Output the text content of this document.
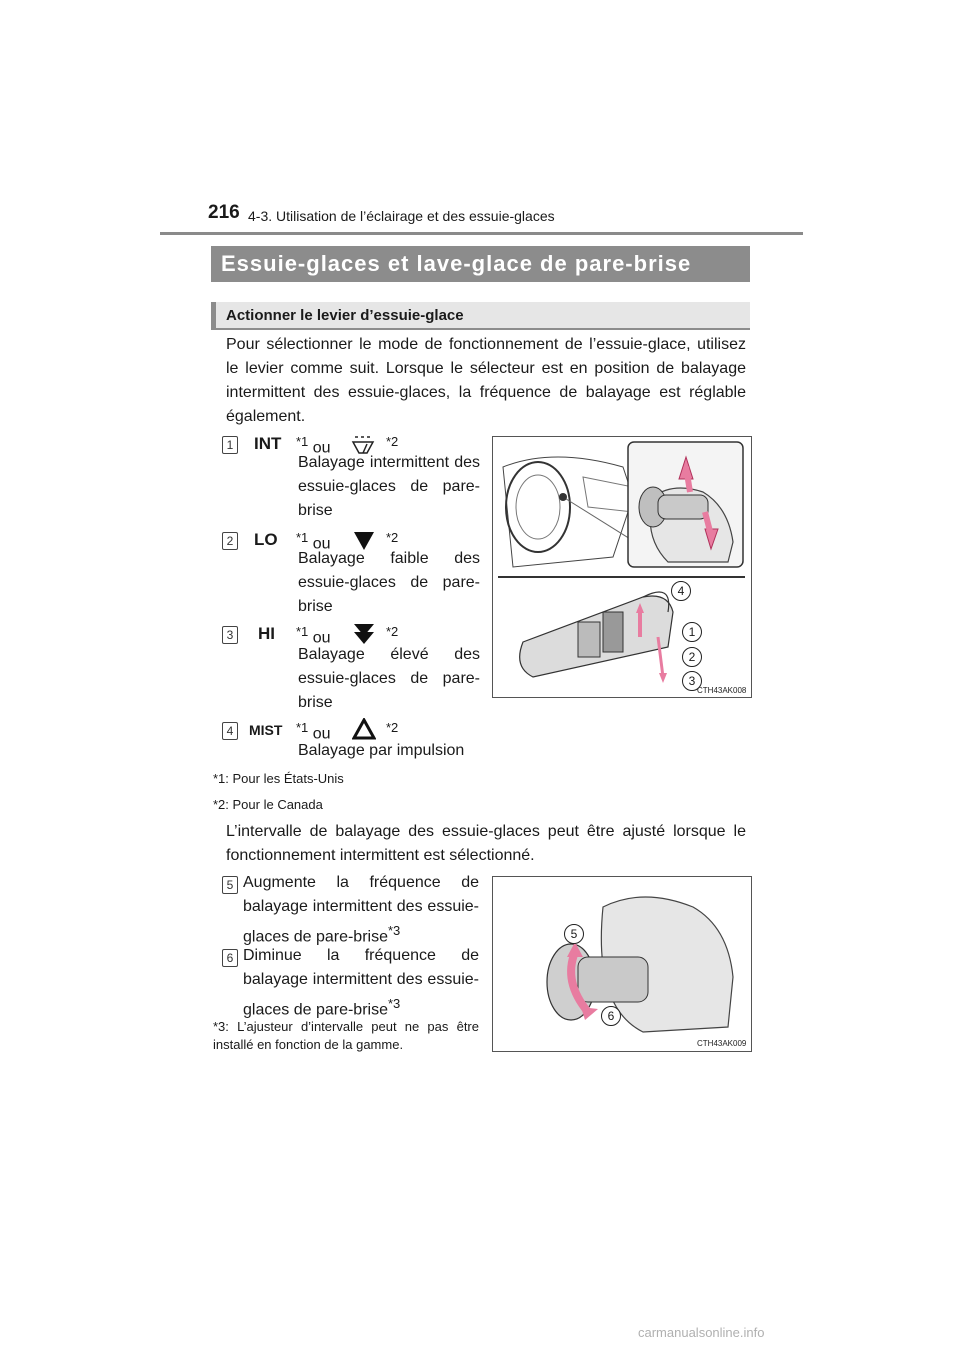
216 4-3. Utilisation de l’éclairage et des essuie-glaces
Essuie-glaces et lave-glace de pare-brise
Actionner le levier d’essuie-glace
Pour sélectionner le mode de fonctionnement de l’essuie-glace, utilisez le levier comme suit. Lorsque le sélecteur est en position de balayage intermittent des essuie-glaces, la fréquence de balayage est réglable également.
1 INT $^{*1}$ ou	$^{*2}$
Balayage intermittent des essuie-glaces de pare-brise
2 LO $^{*1}$ ou	$^{*2}$
Balayage faible des essuie-glaces de pare-brise
3 HI $^{*1}$ ou	$^{*2}$
Balayage élevé des essuie-glaces de pare-brise
4	MIST $^{*1}$ ou	$^{*2}$
Balayage par impulsion
*1: Pour les États-Unis
*2: Pour le Canada
4
1
2
3
CTH43AK008
L’intervalle de balayage des essuie-glaces peut être ajusté lorsque le fonctionnement intermittent est sélectionné.
5 Augmente la fréquence de balayage intermittent des essuie-glaces de pare-brise$^{*3}$
6 Diminue la fréquence de balayage intermittent des essuie-glaces de pare-brise$^{*3}$
*3: L’ajusteur d’intervalle peut ne pas être installé en fonction de la gamme.
5
6
CTH43AK009
carmanualsonline.info
